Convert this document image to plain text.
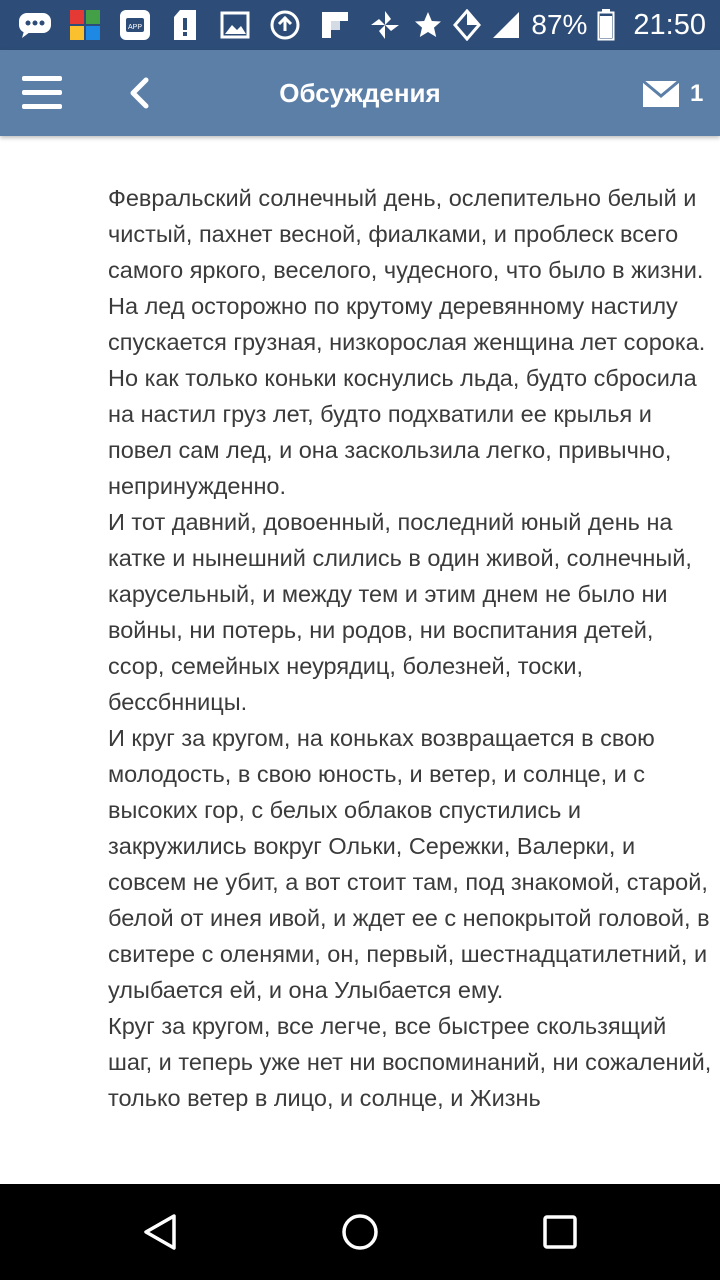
APP	87% 21:50
Обсуждения	1

Февральский солнечный день, ослепительно белый и чистый, пахнет весной, фиалками, и проблеск всего самого яркого, веселого, чудесного, что было в жизни.

На лед осторожно по крутому деревянному настилу спускается грузная, низкорослая женщина лет сорока. Но как только коньки коснулись льда, будто сбросила на настил груз лет, будто подхватили ее крылья и повел сам лед, и она заскользила легко, привычно, непринужденно.

И тот давний, довоенный, последний юный день на катке и нынешний слились в один живой, солнечный, карусельный, и между тем и этим днем не было ни войны, ни потерь, ни родов, ни воспитания детей, ссор, семейных неурядиц, болезней, тоски, бессбнницы.

И круг за кругом, на коньках возвращается в свою молодость, в свою юность, и ветер, и солнце, и с высоких гор, с белых облаков спустились и закружились вокруг Ольки, Сережки, Валерки, и совсем не убит, а вот стоит там, под знакомой, старой, белой от инея ивой, и ждет ее с непокрытой головой, в свитере с оленями, он, первый, шестнадцатилетний, и улыбается ей, и она Улыбается ему.

Круг за кругом, все легче, все быстрее скользящий шаг, и теперь уже нет ни воспоминаний, ни сожалений, только ветер в лицо, и солнце, и Жизнь
